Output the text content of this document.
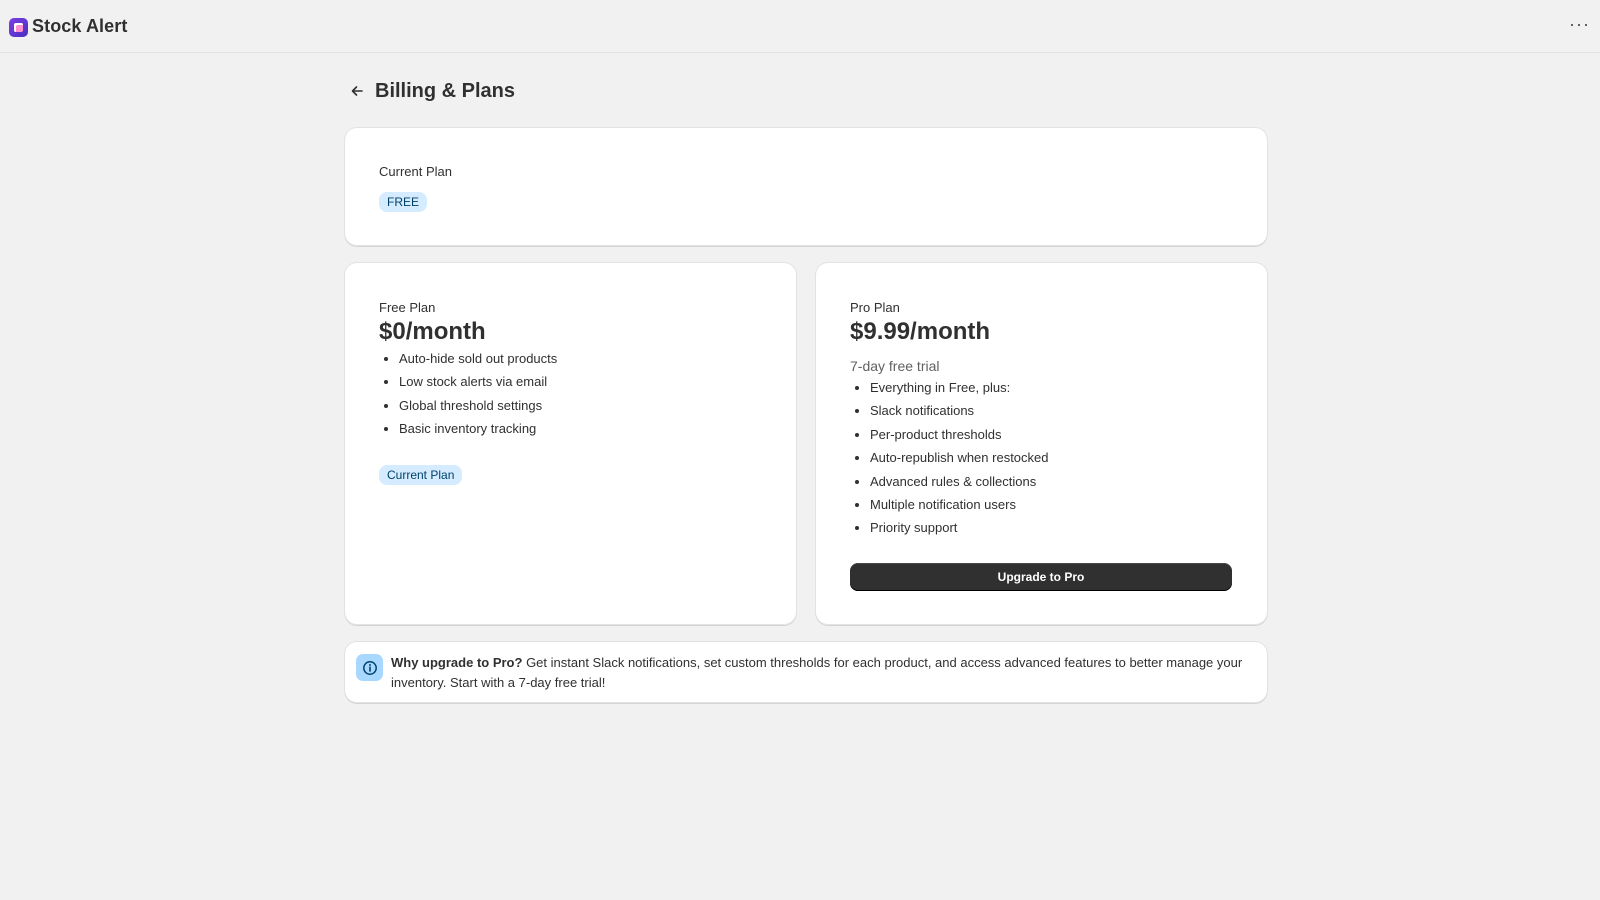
Stock Alert	···
Billing & Plans
Current Plan
FREE
Free Plan
$0/month
• Auto-hide sold out products
• Low stock alerts via email
• Global threshold settings
• Basic inventory tracking
Current Plan
Pro Plan
$9.99/month
7-day free trial
• Everything in Free, plus:
• Slack notifications
• Per-product thresholds
• Auto-republish when restocked
• Advanced rules & collections
• Multiple notification users
• Priority support
Upgrade to Pro
Why upgrade to Pro? Get instant Slack notifications, set custom thresholds for each product, and access advanced features to better manage your inventory. Start with a 7-day free trial!
